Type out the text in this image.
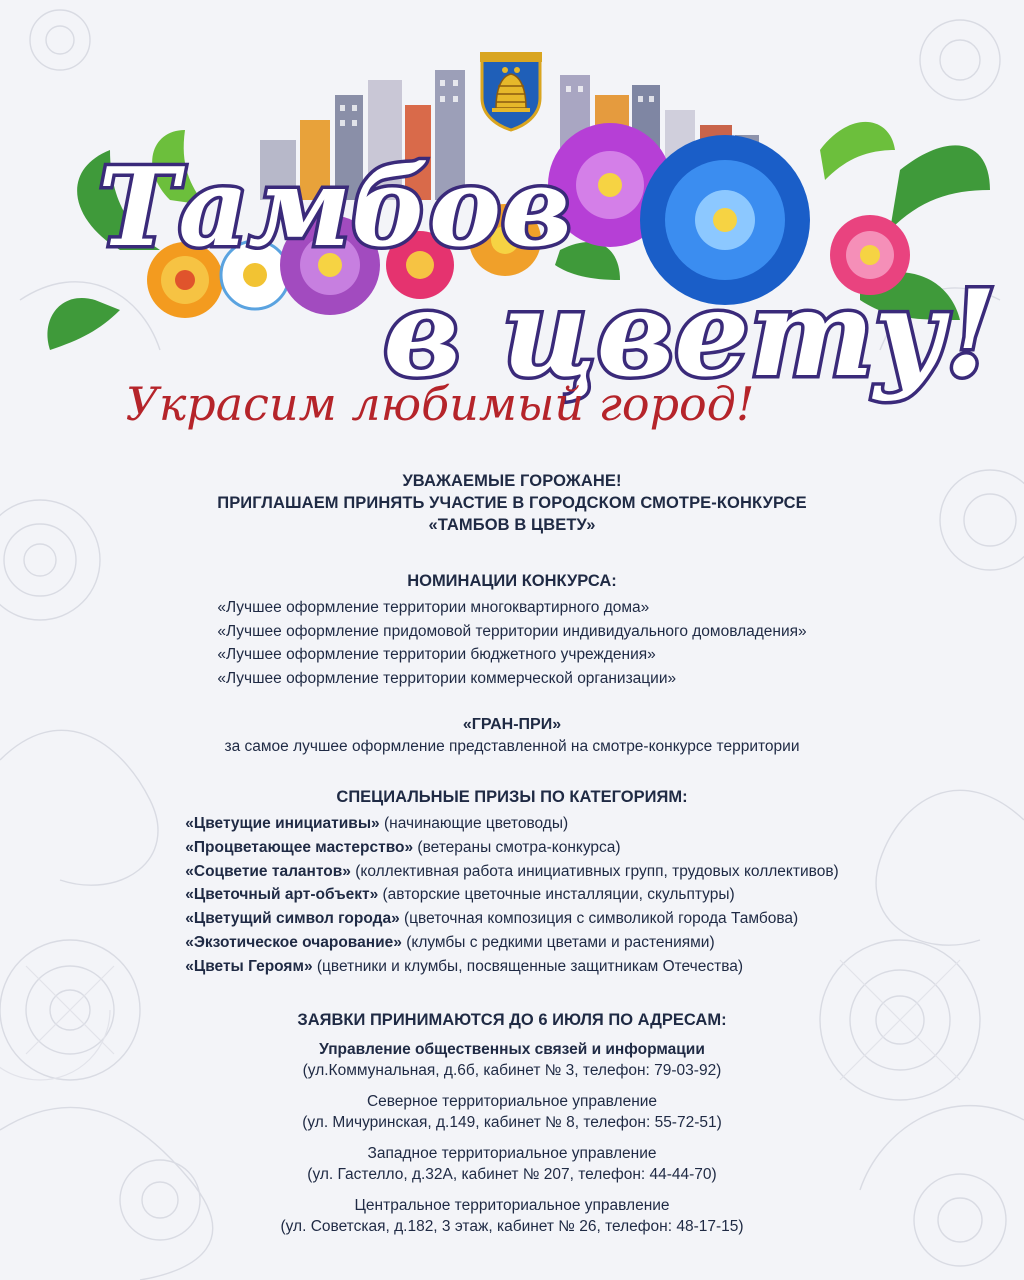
Тамбов
в цвету!
Украсим любимый город!
УВАЖАЕМЫЕ ГОРОЖАНЕ!
ПРИГЛАШАЕМ ПРИНЯТЬ УЧАСТИЕ В ГОРОДСКОМ СМОТРЕ-КОНКУРСЕ
«ТАМБОВ В ЦВЕТУ»
НОМИНАЦИИ КОНКУРСА:
«Лучшее оформление территории многоквартирного дома»
«Лучшее оформление придомовой территории индивидуального домовладения»
«Лучшее оформление территории бюджетного учреждения»
«Лучшее оформление территории коммерческой организации»
«ГРАН-ПРИ»
за самое лучшее оформление представленной на смотре-конкурсе территории
СПЕЦИАЛЬНЫЕ ПРИЗЫ ПО КАТЕГОРИЯМ:
«Цветущие инициативы» (начинающие цветоводы)
«Процветающее мастерство» (ветераны смотра-конкурса)
«Соцветие талантов» (коллективная работа инициативных групп, трудовых коллективов)
«Цветочный арт-объект» (авторские цветочные инсталляции, скульптуры)
«Цветущий символ города» (цветочная композиция с символикой города Тамбова)
«Экзотическое очарование» (клумбы с редкими цветами и растениями)
«Цветы Героям» (цветники и клумбы, посвященные защитникам Отечества)
ЗАЯВКИ ПРИНИМАЮТСЯ ДО 6 ИЮЛЯ ПО АДРЕСАМ:
Управление общественных связей и информации
(ул.Коммунальная, д.6б, кабинет № 3, телефон: 79-03-92)
Северное территориальное управление
(ул. Мичуринская, д.149, кабинет № 8, телефон: 55-72-51)
Западное территориальное управление
(ул. Гастелло, д.32А, кабинет № 207, телефон: 44-44-70)
Центральное территориальное управление
(ул. Советская, д.182, 3 этаж, кабинет № 26, телефон: 48-17-15)
